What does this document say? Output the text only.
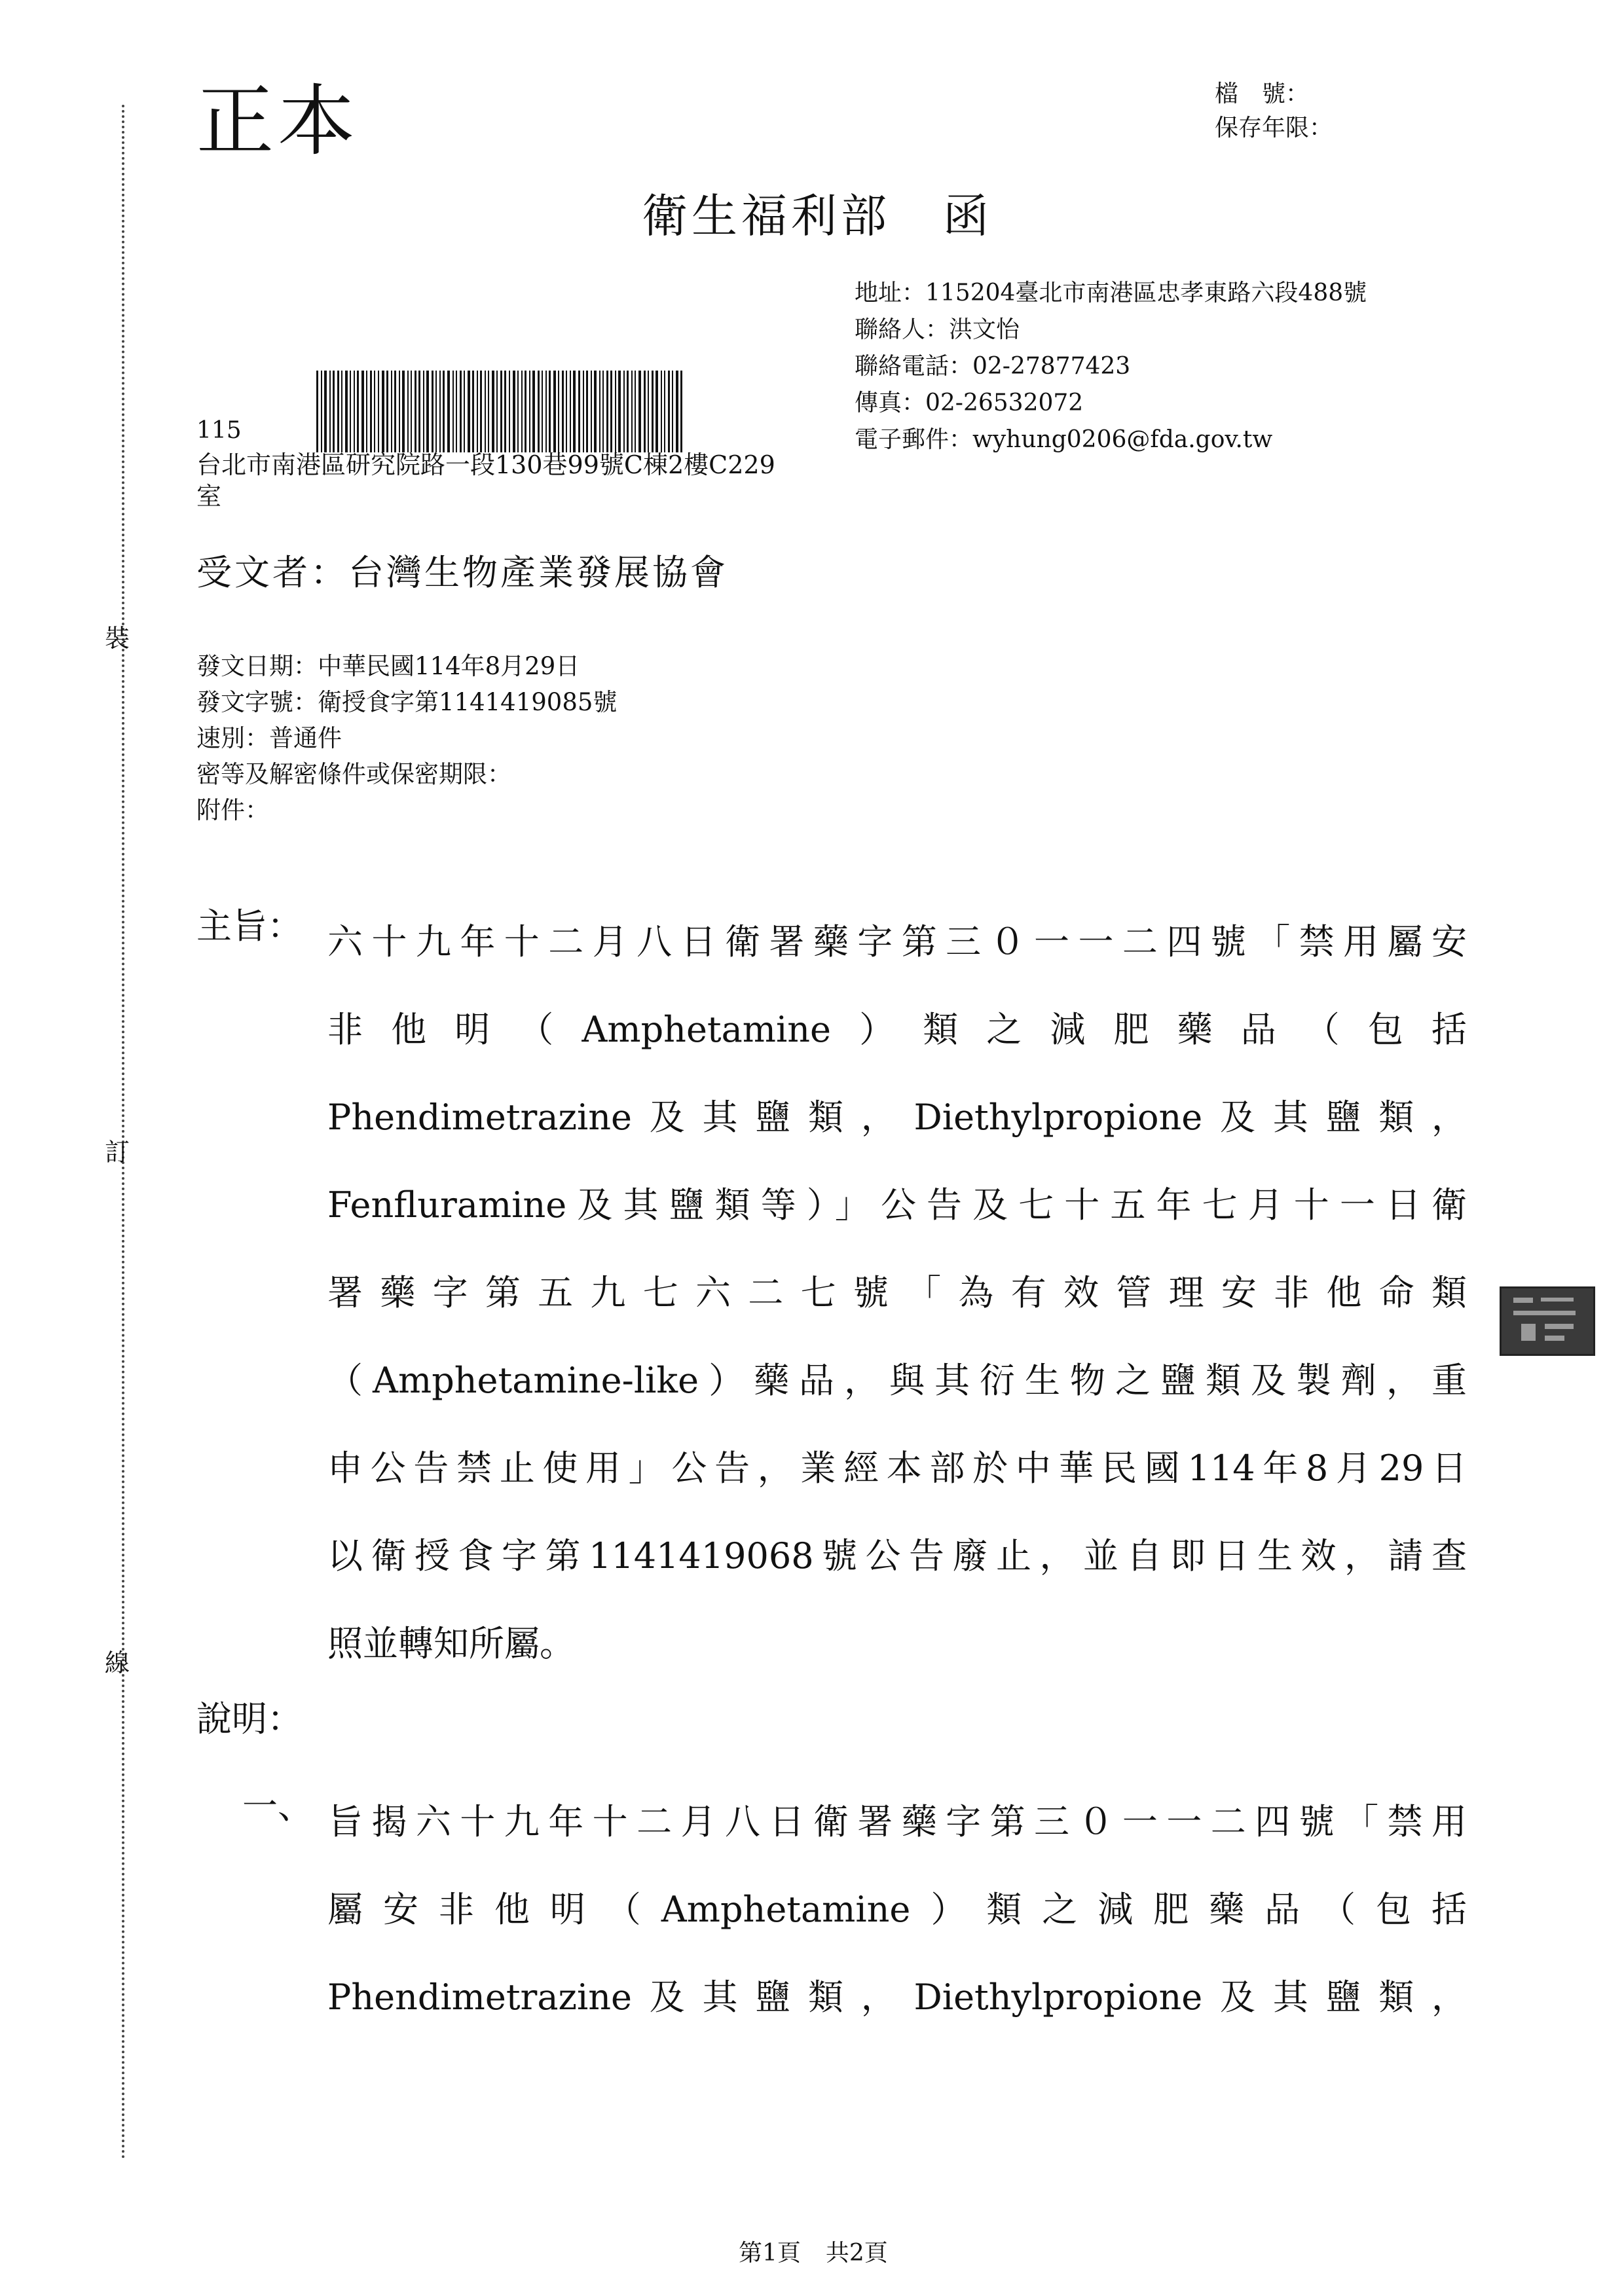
裝
訂
線
正本	檔　號：
保存年限：
衛生福利部 函
地址：115204臺北市南港區忠孝東路六段488號
聯絡人：洪文怡
聯絡電話：02-27877423
傳真：02-26532072
電子郵件：wyhung0206@fda.gov.tw
115
台北市南港區研究院路一段130巷99號C棟2樓C229
室
受文者：台灣生物產業發展協會
發文日期：中華民國114年8月29日
發文字號：衛授食字第1141419085號
速別：普通件
密等及解密條件或保密期限：
附件：
主旨： 六十九年十二月八日衛署藥字第三０一一二四號「禁用屬安
非他明（Amphetamine）類之減肥藥品（包括
Phendimetrazine及其鹽類，Diethylpropione及其鹽類，
Fenfluramine及其鹽類等）」公告及七十五年七月十一日衛
署藥字第五九七六二七號「為有效管理安非他命類
（Amphetamine-like）藥品，與其衍生物之鹽類及製劑，重
申公告禁止使用」公告，業經本部於中華民國114年8月29日
以衛授食字第1141419068號公告廢止，並自即日生效，請查
照並轉知所屬。
說明：
一、 旨揭六十九年十二月八日衛署藥字第三０一一二四號「禁用
屬安非他明（Amphetamine）類之減肥藥品（包括
Phendimetrazine及其鹽類，Diethylpropione及其鹽類，
第1頁 共2頁
